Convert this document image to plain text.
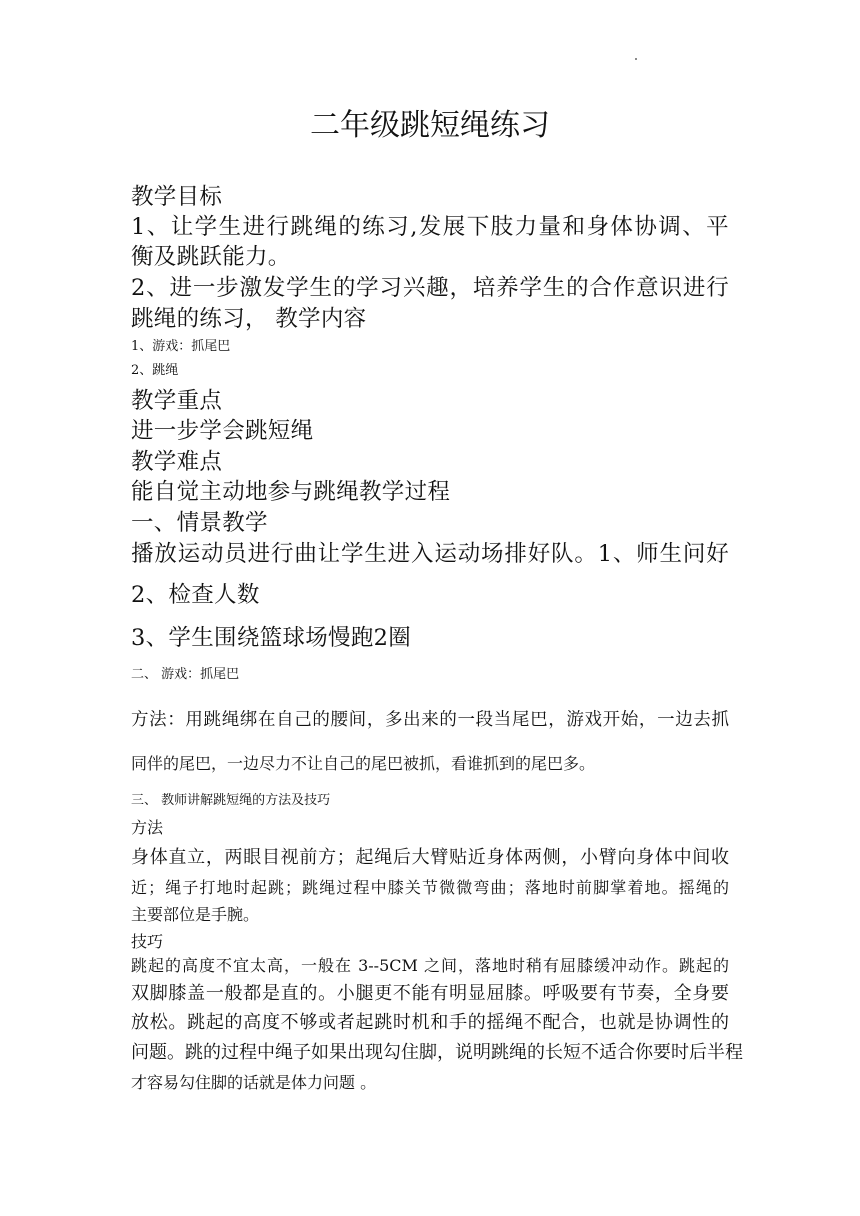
二年级跳短绳练习
教学目标
1、让学生进行跳绳的练习,发展下肢力量和身体协调、平
衡及跳跃能力。
2、进一步激发学生的学习兴趣，培养学生的合作意识进行
跳绳的练习， 教学内容
1、游戏：抓尾巴
2、跳绳
教学重点
进一步学会跳短绳
教学难点
能自觉主动地参与跳绳教学过程
一、情景教学
播放运动员进行曲让学生进入运动场排好队。1、师生问好
2、检查人数
3、学生围绕篮球场慢跑2圈
二、 游戏：抓尾巴
方法：用跳绳绑在自己的腰间，多出来的一段当尾巴，游戏开始，一边去抓
同伴的尾巴，一边尽力不让自己的尾巴被抓，看谁抓到的尾巴多。
三、 教师讲解跳短绳的方法及技巧
方法
身体直立，两眼目视前方；起绳后大臂贴近身体两侧，小臂向身体中间收
近；绳子打地时起跳；跳绳过程中膝关节微微弯曲；落地时前脚掌着地。摇绳的
主要部位是手腕。
技巧
跳起的高度不宜太高，一般在 3--5CM 之间，落地时稍有屈膝缓冲动作。跳起的
双脚膝盖一般都是直的。小腿更不能有明显屈膝。呼吸要有节奏，全身要
放松。跳起的高度不够或者起跳时机和手的摇绳不配合，也就是协调性的
问题。跳的过程中绳子如果出现勾住脚，说明跳绳的长短不适合你要时后半程
才容易勾住脚的话就是体力问题 。
